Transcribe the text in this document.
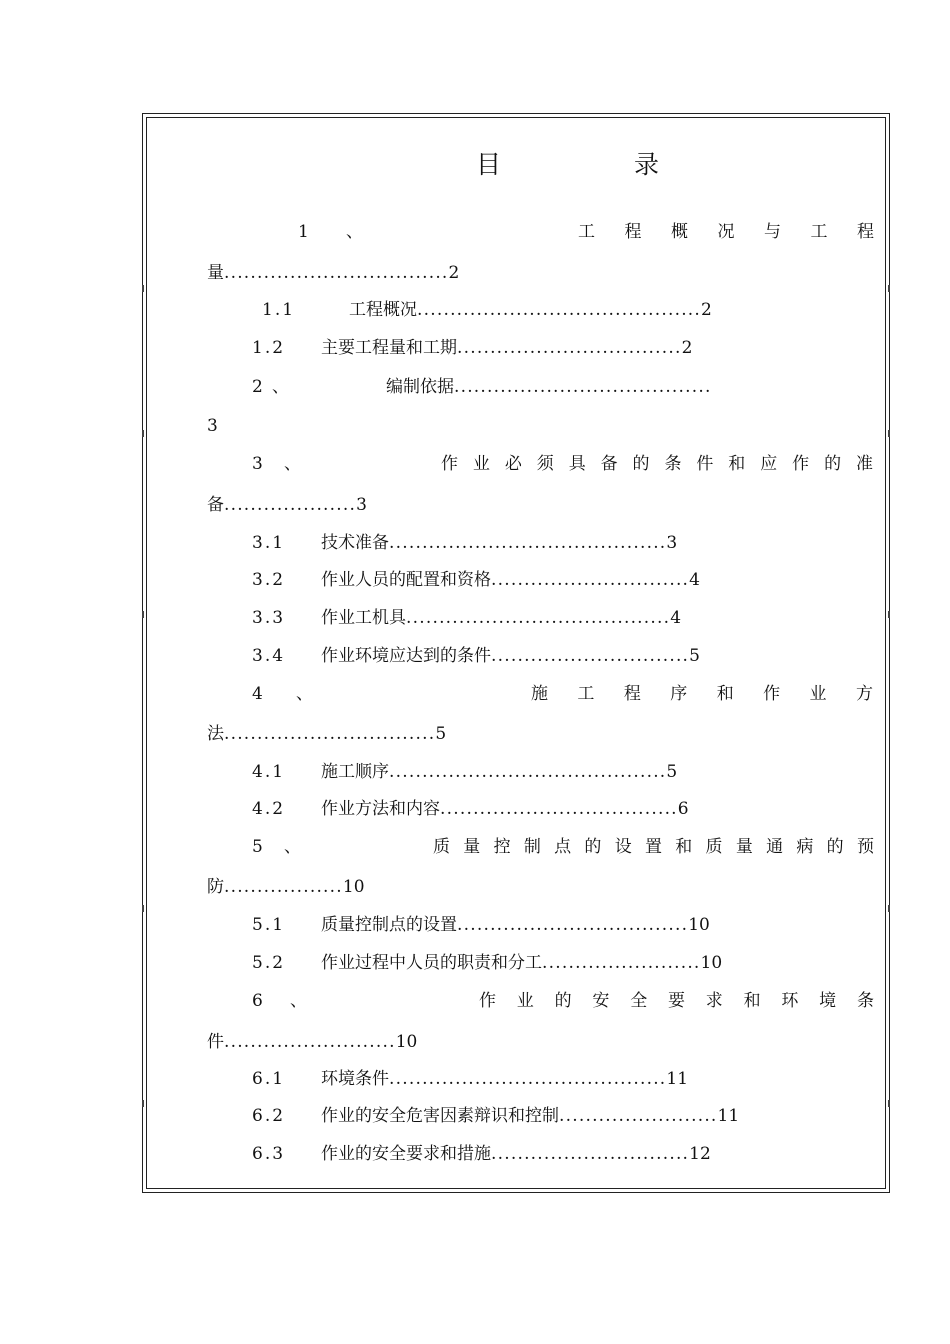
目	录
1 、	工 程 概 况 与 工 程
量..................................2
1.1	工程概况...........................................2
1.2 主要工程量和工期..................................2
2 、	编制依据.......................................
3
3 、	作 业 必 须 具 备 的 条 件 和 应 作 的 准
备....................3
3.1 技术准备..........................................3
3.2 作业人员的配置和资格..............................4
3.3 作业工机具........................................4
3.4 作业环境应达到的条件..............................5
4 、	施 工 程 序 和 作 业 方
法................................5
4.1 施工顺序..........................................5
4.2 作业方法和内容....................................6
5 、	质 量 控 制 点 的 设 置 和 质 量 通 病 的 预
防..................10
5.1 质量控制点的设置...................................10
5.2 作业过程中人员的职责和分工........................10
6 、	作 业 的 安 全 要 求 和 环 境 条
件..........................10
6.1 环境条件..........................................11
6.2 作业的安全危害因素辩识和控制........................11
6.3 作业的安全要求和措施..............................12
